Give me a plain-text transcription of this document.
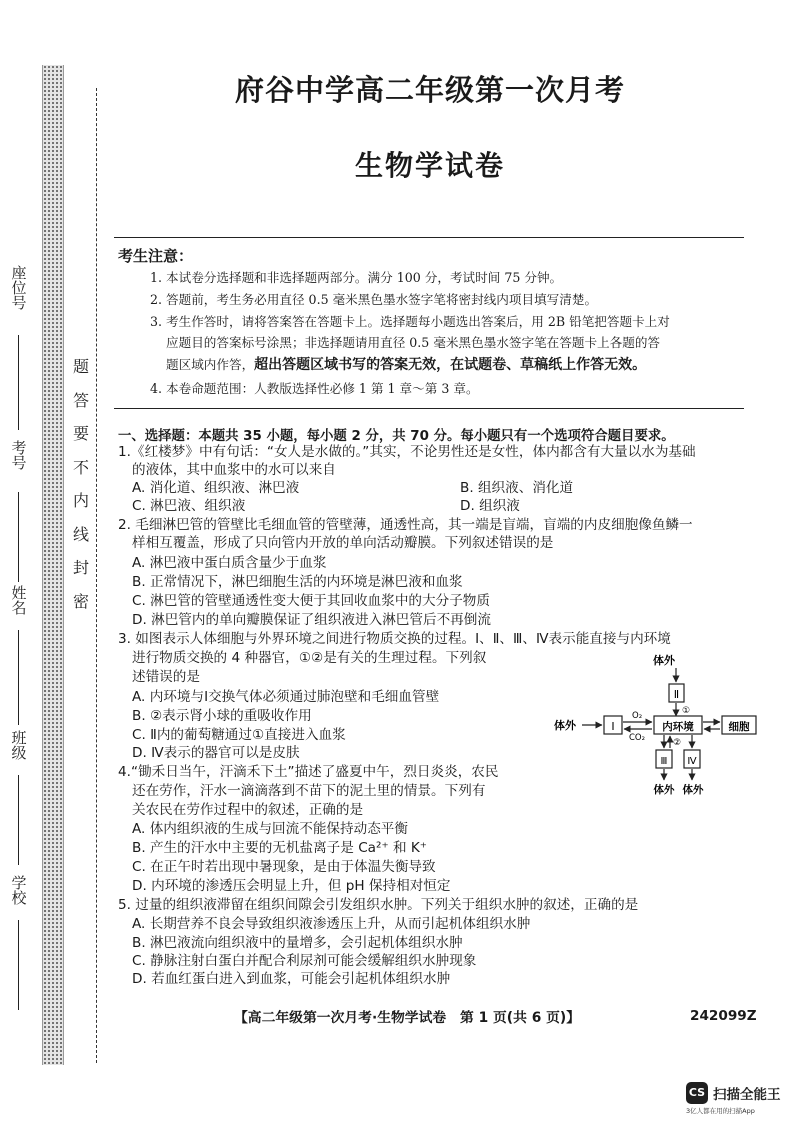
座位号
考号
姓名
班级
学校
题
答
要
不
内
线
封
密
府谷中学高二年级第一次月考
生物学试卷
考生注意：
1. 本试卷分选择题和非选择题两部分。满分 100 分，考试时间 75 分钟。
2. 答题前，考生务必用直径 0.5 毫米黑色墨水签字笔将密封线内项目填写清楚。
3. 考生作答时，请将答案答在答题卡上。选择题每小题选出答案后，用 2B 铅笔把答题卡上对
应题目的答案标号涂黑；非选择题请用直径 0.5 毫米黑色墨水签字笔在答题卡上各题的答
题区域内作答，超出答题区域书写的答案无效，在试题卷、草稿纸上作答无效。
4. 本卷命题范围：人教版选择性必修 1 第 1 章～第 3 章。
一、选择题：本题共 35 小题，每小题 2 分，共 70 分。每小题只有一个选项符合题目要求。
1.《红楼梦》中有句话：“女人是水做的。”其实，不论男性还是女性，体内都含有大量以水为基础
的液体，其中血浆中的水可以来自
A. 消化道、组织液、淋巴液	B. 组织液、消化道
C. 淋巴液、组织液	D. 组织液
2. 毛细淋巴管的管壁比毛细血管的管壁薄，通透性高，其一端是盲端，盲端的内皮细胞像鱼鳞一
样相互覆盖，形成了只向管内开放的单向活动瓣膜。下列叙述错误的是
A. 淋巴液中蛋白质含量少于血浆
B. 正常情况下，淋巴细胞生活的内环境是淋巴液和血浆
C. 淋巴管的管壁通透性变大便于其回收血浆中的大分子物质
D. 淋巴管内的单向瓣膜保证了组织液进入淋巴管后不再倒流
3. 如图表示人体细胞与外界环境之间进行物质交换的过程。Ⅰ、Ⅱ、Ⅲ、Ⅳ表示能直接与内环境
进行物质交换的 4 种器官，①②是有关的生理过程。下列叙
述错误的是
A. 内环境与Ⅰ交换气体必须通过肺泡壁和毛细血管壁
B. ②表示肾小球的重吸收作用
C. Ⅱ内的葡萄糖通过①直接进入血浆
D. Ⅳ表示的器官可以是皮肤
体外
Ⅱ
①
体外	Ⅰ
O₂
CO₂
内环境	细胞
②
Ⅲ Ⅳ
体外 体外
4.“锄禾日当午，汗滴禾下土”描述了盛夏中午，烈日炎炎，农民
还在劳作，汗水一滴滴落到不苗下的泥土里的情景。下列有
关农民在劳作过程中的叙述，正确的是
A. 体内组织液的生成与回流不能保持动态平衡
B. 产生的汗水中主要的无机盐离子是 Ca²⁺ 和 K⁺
C. 在正午时若出现中暑现象，是由于体温失衡导致
D. 内环境的渗透压会明显上升，但 pH 保持相对恒定
5. 过量的组织液滞留在组织间隙会引发组织水肿。下列关于组织水肿的叙述，正确的是
A. 长期营养不良会导致组织液渗透压上升，从而引起机体组织水肿
B. 淋巴液流向组织液中的量增多，会引起机体组织水肿
C. 静脉注射白蛋白并配合利尿剂可能会缓解组织水肿现象
D. 若血红蛋白进入到血浆，可能会引起机体组织水肿
【高二年级第一次月考·生物学试卷　第 1 页(共 6 页)】	242099Z
CS 扫描全能王
3亿人都在用的扫描App
